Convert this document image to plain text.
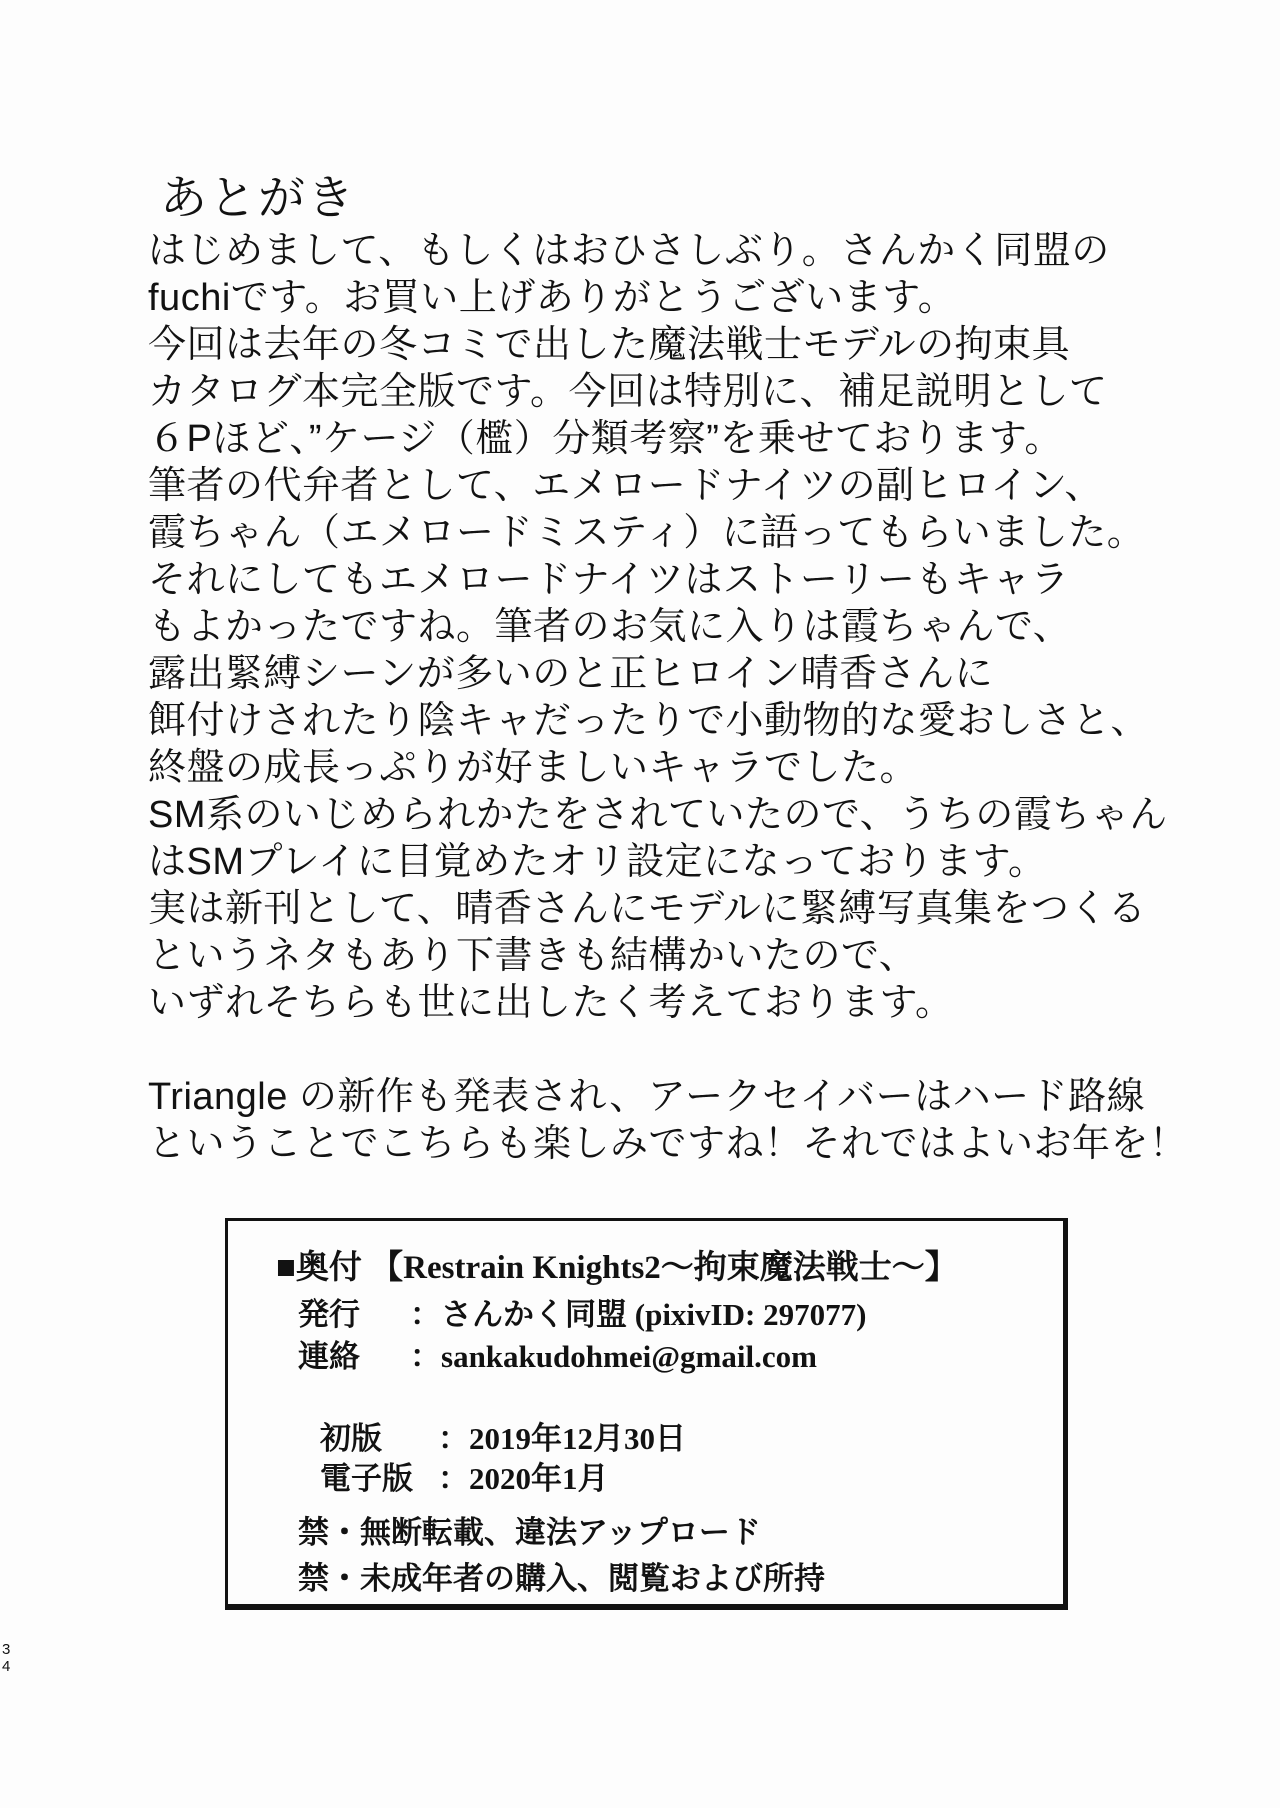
あとがき
はじめまして、もしくはおひさしぶり。さんかく同盟の
fuchiです。お買い上げありがとうございます。
今回は去年の冬コミで出した魔法戦士モデルの拘束具
カタログ本完全版です。今回は特別に、補足説明として
６Pほど、”ケージ（檻）分類考察”を乗せております。
筆者の代弁者として、エメロードナイツの副ヒロイン、
霞ちゃん（エメロードミスティ）に語ってもらいました。
それにしてもエメロードナイツはストーリーもキャラ
もよかったですね。筆者のお気に入りは霞ちゃんで、
露出緊縛シーンが多いのと正ヒロイン晴香さんに
餌付けされたり陰キャだったりで小動物的な愛おしさと、
終盤の成長っぷりが好ましいキャラでした。
SM系のいじめられかたをされていたので、うちの霞ちゃん
はSMプレイに目覚めたオリ設定になっております。
実は新刊として、晴香さんにモデルに緊縛写真集をつくる
というネタもあり下書きも結構かいたので、
いずれそちらも世に出したく考えております。
Triangle の新作も発表され、アークセイバーはハード路線
ということでこちらも楽しみですね！それではよいお年を！
■奥付 【Restrain Knights2～拘束魔法戦士～】
発行	：さんかく同盟 (pixivID: 297077)
連絡	：sankakudohmei@gmail.com
初版	：2019年12月30日
電子版 ：2020年1月
禁・無断転載、違法アップロード
禁・未成年者の購入、閲覧および所持
3
4
